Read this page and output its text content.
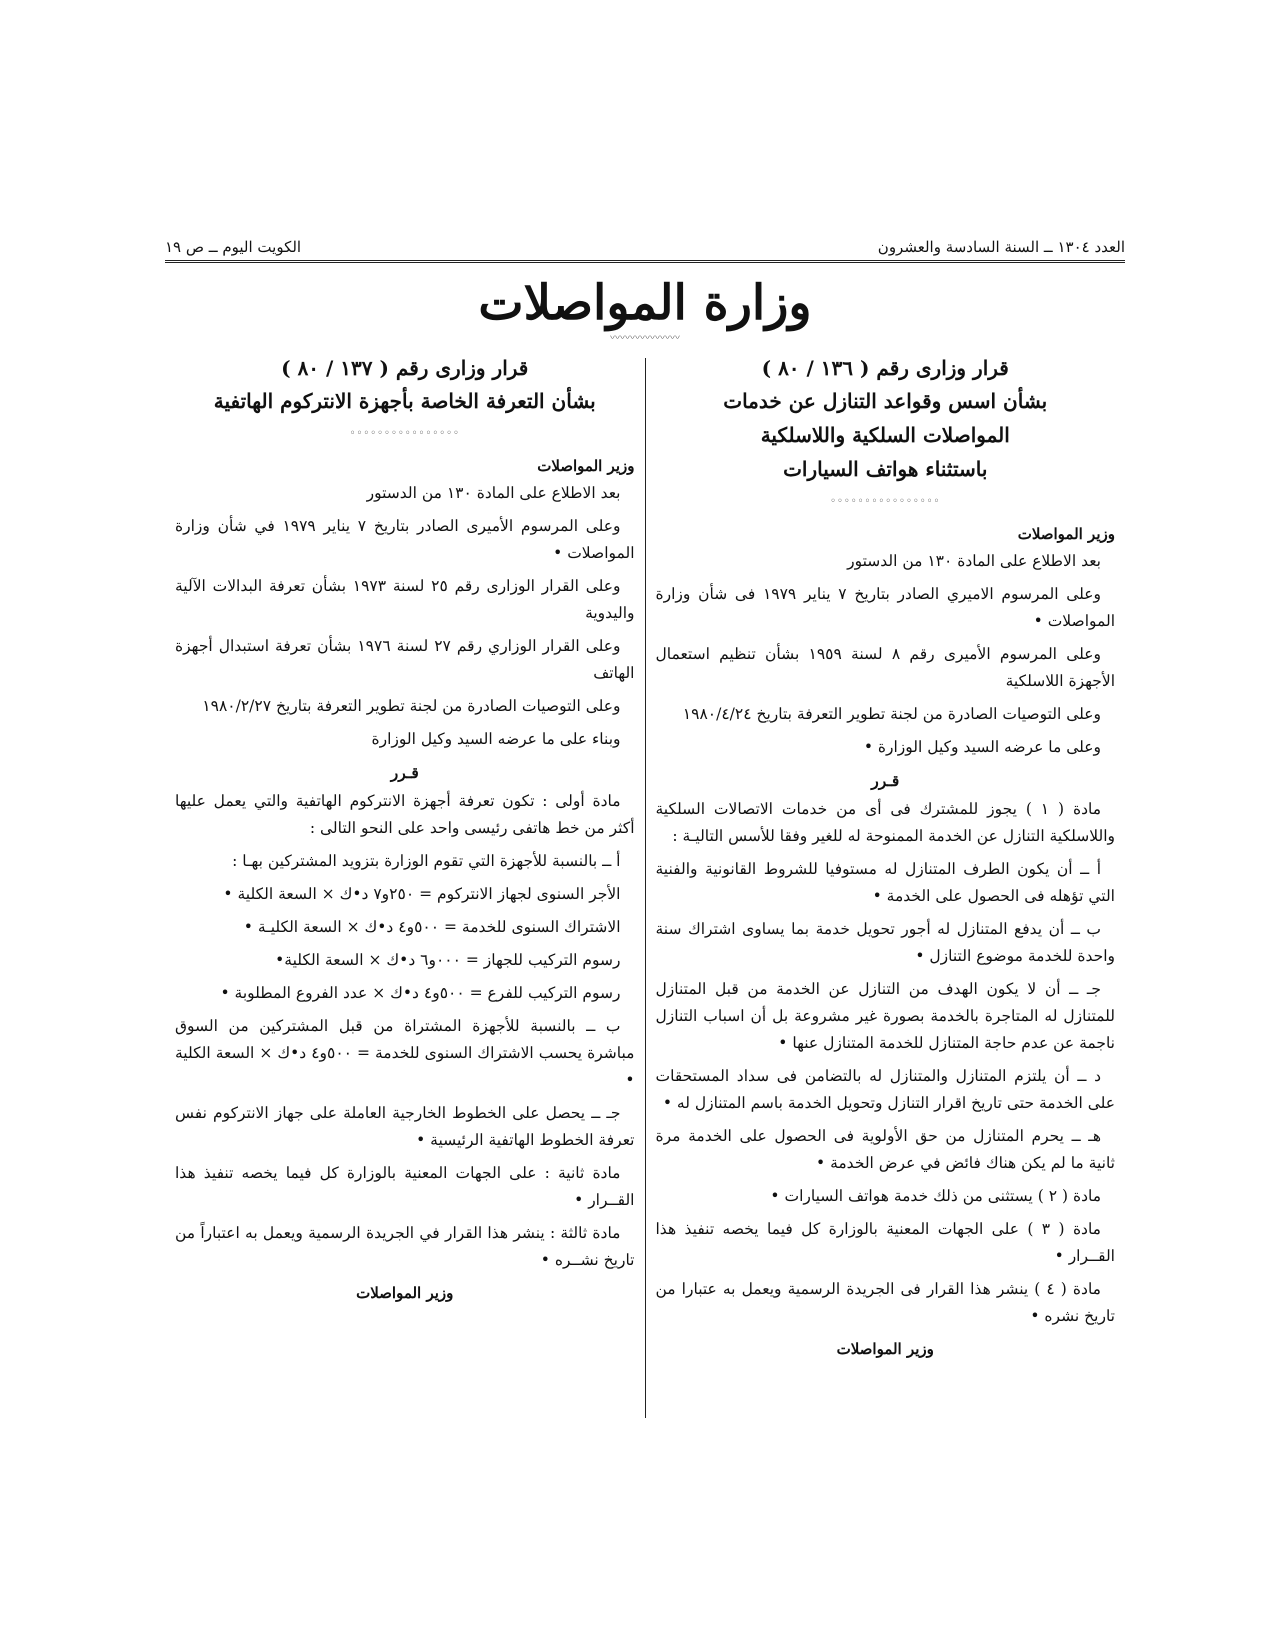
العدد ١٣٠٤ ــ السنة السادسة والعشرون
الكويت اليوم ــ ص ١٩
وزارة المواصلات
〰〰〰〰〰〰〰
قرار وزارى رقم ( ١٣٦ / ٨٠ )
بشأن اسس وقواعد التنازل عن خدمات
المواصلات السلكية واللاسلكية
باستثناء هواتف السيارات
◦◦◦◦◦◦◦◦◦◦◦◦◦◦◦◦
وزير المواصلات

بعد الاطلاع على المادة ١٣٠ من الدستور

وعلى المرسوم الاميري الصادر بتاريخ ٧ يناير ١٩٧٩ فى شأن وزارة المواصلات •

وعلى المرسوم الأميرى رقم ٨ لسنة ١٩٥٩ بشأن تنظيم استعمال الأجهزة اللاسلكية

وعلى التوصيات الصادرة من لجنة تطوير التعرفة بتاريخ ١٩٨٠/٤/٢٤

وعلى ما عرضه السيد وكيل الوزارة •

قـرر

مادة ( ١ ) يجوز للمشترك فى أى من خدمات الاتصالات السلكية واللاسلكية التنازل عن الخدمة الممنوحة له للغير وفقا للأسس التاليـة :

أ ــ أن يكون الطرف المتنازل له مستوفيا للشروط القانونية والفنية التي تؤهله فى الحصول على الخدمة •

ب ــ أن يدفع المتنازل له أجور تحويل خدمة بما يساوى اشتراك سنة واحدة للخدمة موضوع التنازل •

جـ ــ أن لا يكون الهدف من التنازل عن الخدمة من قبل المتنازل للمتنازل له المتاجرة بالخدمة بصورة غير مشروعة بل أن اسباب التنازل ناجمة عن عدم حاجة المتنازل للخدمة المتنازل عنها •

د ــ أن يلتزم المتنازل والمتنازل له بالتضامن فى سداد المستحقات على الخدمة حتى تاريخ اقرار التنازل وتحويل الخدمة باسم المتنازل له •

هـ ــ يحرم المتنازل من حق الأولوية فى الحصول على الخدمة مرة ثانية ما لم يكن هناك فائض في عرض الخدمة •

مادة ( ٢ ) يستثنى من ذلك خدمة هواتف السيارات •

مادة ( ٣ ) على الجهات المعنية بالوزارة كل فيما يخصه تنفيذ هذا القــرار •

مادة ( ٤ ) ينشر هذا القرار فى الجريدة الرسمية ويعمل به عتبارا من تاريخ نشره •

وزير المواصلات
قرار وزارى رقم ( ١٣٧ / ٨٠ )
بشأن التعرفة الخاصة بأجهزة الانتركوم الهاتفية
◦◦◦◦◦◦◦◦◦◦◦◦◦◦◦◦
وزير المواصلات

بعد الاطلاع على المادة ١٣٠ من الدستور

وعلى المرسوم الأميرى الصادر بتاريخ ٧ يناير ١٩٧٩ في شأن وزارة المواصلات •

وعلى القرار الوزارى رقم ٢٥ لسنة ١٩٧٣ بشأن تعرفة البدالات الآلية واليدوية

وعلى القرار الوزاري رقم ٢٧ لسنة ١٩٧٦ بشأن تعرفة استبدال أجهزة الهاتف

وعلى التوصيات الصادرة من لجنة تطوير التعرفة بتاريخ ١٩٨٠/٢/٢٧

وبناء على ما عرضه السيد وكيل الوزارة

قـرر

مادة أولى : تكون تعرفة أجهزة الانتركوم الهاتفية والتي يعمل عليها أكثر من خط هاتفى رئيسى واحد على النحو التالى :

أ ــ بالنسبة للأجهزة التي تقوم الوزارة بتزويد المشتركين بهـا :

الأجر السنوى لجهاز الانتركوم = ٢٥٠و٧ د•ك × السعة الكلية •

الاشتراك السنوى للخدمة = ٥٠٠و٤ د•ك × السعة الكليـة •

رسوم التركيب للجهاز = ٠٠٠و٦ د•ك × السعة الكلية•

رسوم التركيب للفرع = ٥٠٠و٤ د•ك × عدد الفروع المطلوبة •

ب ــ بالنسبة للأجهزة المشتراة من قبل المشتركين من السوق مباشرة يحسب الاشتراك السنوى للخدمة = ٥٠٠و٤ د•ك × السعة الكلية •

جـ ــ يحصل على الخطوط الخارجية العاملة على جهاز الانتركوم نفس تعرفة الخطوط الهاتفية الرئيسية •

مادة ثانية : على الجهات المعنية بالوزارة كل فيما يخصه تنفيذ هذا القــرار •

مادة ثالثة : ينشر هذا القرار في الجريدة الرسمية ويعمل به اعتباراً من تاريخ نشــره •

وزير المواصلات
